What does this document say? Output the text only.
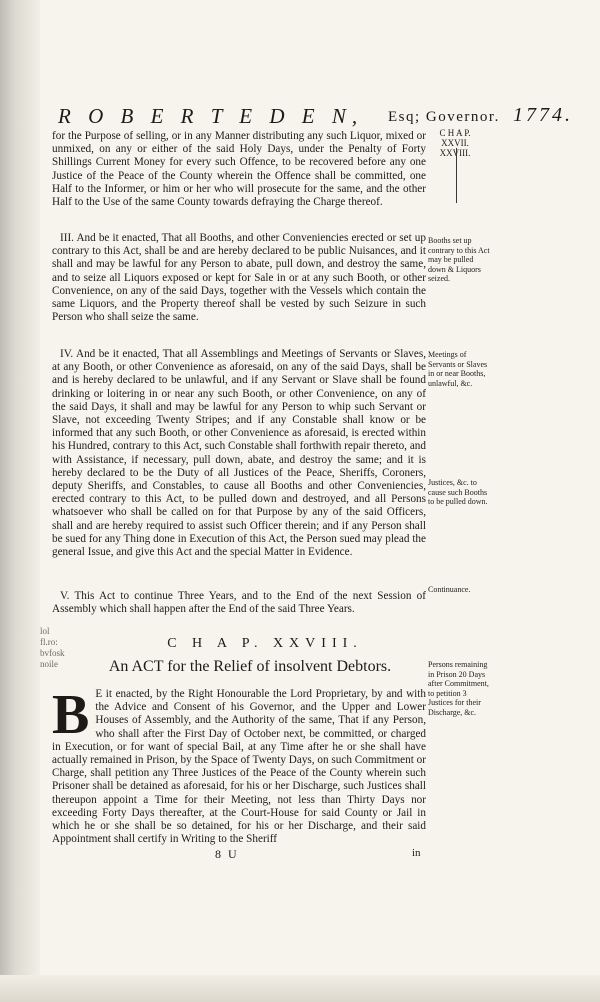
R O B E R T E D E N, Esq; Governor. 1774.
C H A P.
XXVII.
XXVIII.
for the Purpose of selling, or in any Manner distributing any such Liquor, mixed or unmixed, on any or either of the said Holy Days, under the Penalty of Forty Shillings Current Money for every such Offence, to be recovered before any one Justice of the Peace of the County wherein the Offence shall be committed, one Half to the Informer, or him or her who will prosecute for the same, and the other Half to the Use of the same County towards defraying the Charge thereof.
III. And be it enacted, That all Booths, and other Conveniencies erected or set up contrary to this Act, shall be and are hereby declared to be public Nuisances, and it shall and may be lawful for any Person to abate, pull down, and destroy the same, and to seize all Liquors exposed or kept for Sale in or at any such Booth, or other Convenience, on any of the said Days, together with the Vessels which contain the same Liquors, and the Property thereof shall be vested by such Seizure in such Person who shall seize the same.
IV. And be it enacted, That all Assemblings and Meetings of Servants or Slaves, at any Booth, or other Convenience as aforesaid, on any of the said Days, shall be and is hereby declared to be unlawful, and if any Servant or Slave shall be found drinking or loitering in or near any such Booth, or other Convenience, on any of the said Days, it shall and may be lawful for any Person to whip such Servant or Slave, not exceeding Twenty Stripes; and if any Constable shall know or be informed that any such Booth, or other Convenience as aforesaid, is erected within his Hundred, contrary to this Act, such Constable shall forthwith repair thereto, and with Assistance, if necessary, pull down, abate, and destroy the same; and it is hereby declared to be the Duty of all Justices of the Peace, Sheriffs, Coroners, deputy Sheriffs, and Constables, to cause all Booths and other Conveniencies, erected contrary to this Act, to be pulled down and destroyed, and all Persons whatsoever who shall be called on for that Purpose by any of the said Officers, shall and are hereby required to assist such Officer therein; and if any Person shall be sued for any Thing done in Execution of this Act, the Person sued may plead the general Issue, and give this Act and the special Matter in Evidence.
V. This Act to continue Three Years, and to the End of the next Session of Assembly which shall happen after the End of the said Three Years.
Booths set up contrary to this Act may be pulled down & Liquors seized.
Meetings of Servants or Slaves in or near Booths, unlawful, &c.
Justices, &c. to cause such Booths to be pulled down.
Continuance.
Persons remaining in Prison 20 Days after Commitment, to petition 3 Justices for their Discharge, &c.
lol
fl.ro:
bvfosk
noile
C H A P. XXVIII.
An ACT for the Relief of insolvent Debtors.
B E it enacted, by the Right Honourable the Lord Proprietary, by and with the Advice and Consent of his Governor, and the Upper and Lower Houses of Assembly, and the Authority of the same, That if any Person, who shall after the First Day of October next, be committed, or charged in Execution, or for want of special Bail, at any Time after he or she shall have actually remained in Prison, by the Space of Twenty Days, on such Commitment or Charge, shall petition any Three Justices of the Peace of the County wherein such Prisoner shall be detained as aforesaid, for his or her Discharge, such Justices shall thereupon appoint a Time for their Meeting, not less than Thirty Days nor exceeding Forty Days thereafter, at the Court-House for said County or Jail in which he or she shall be so detained, for his or her Discharge, and their said Appointment shall certify in Writing to the Sheriff
8 U	in
